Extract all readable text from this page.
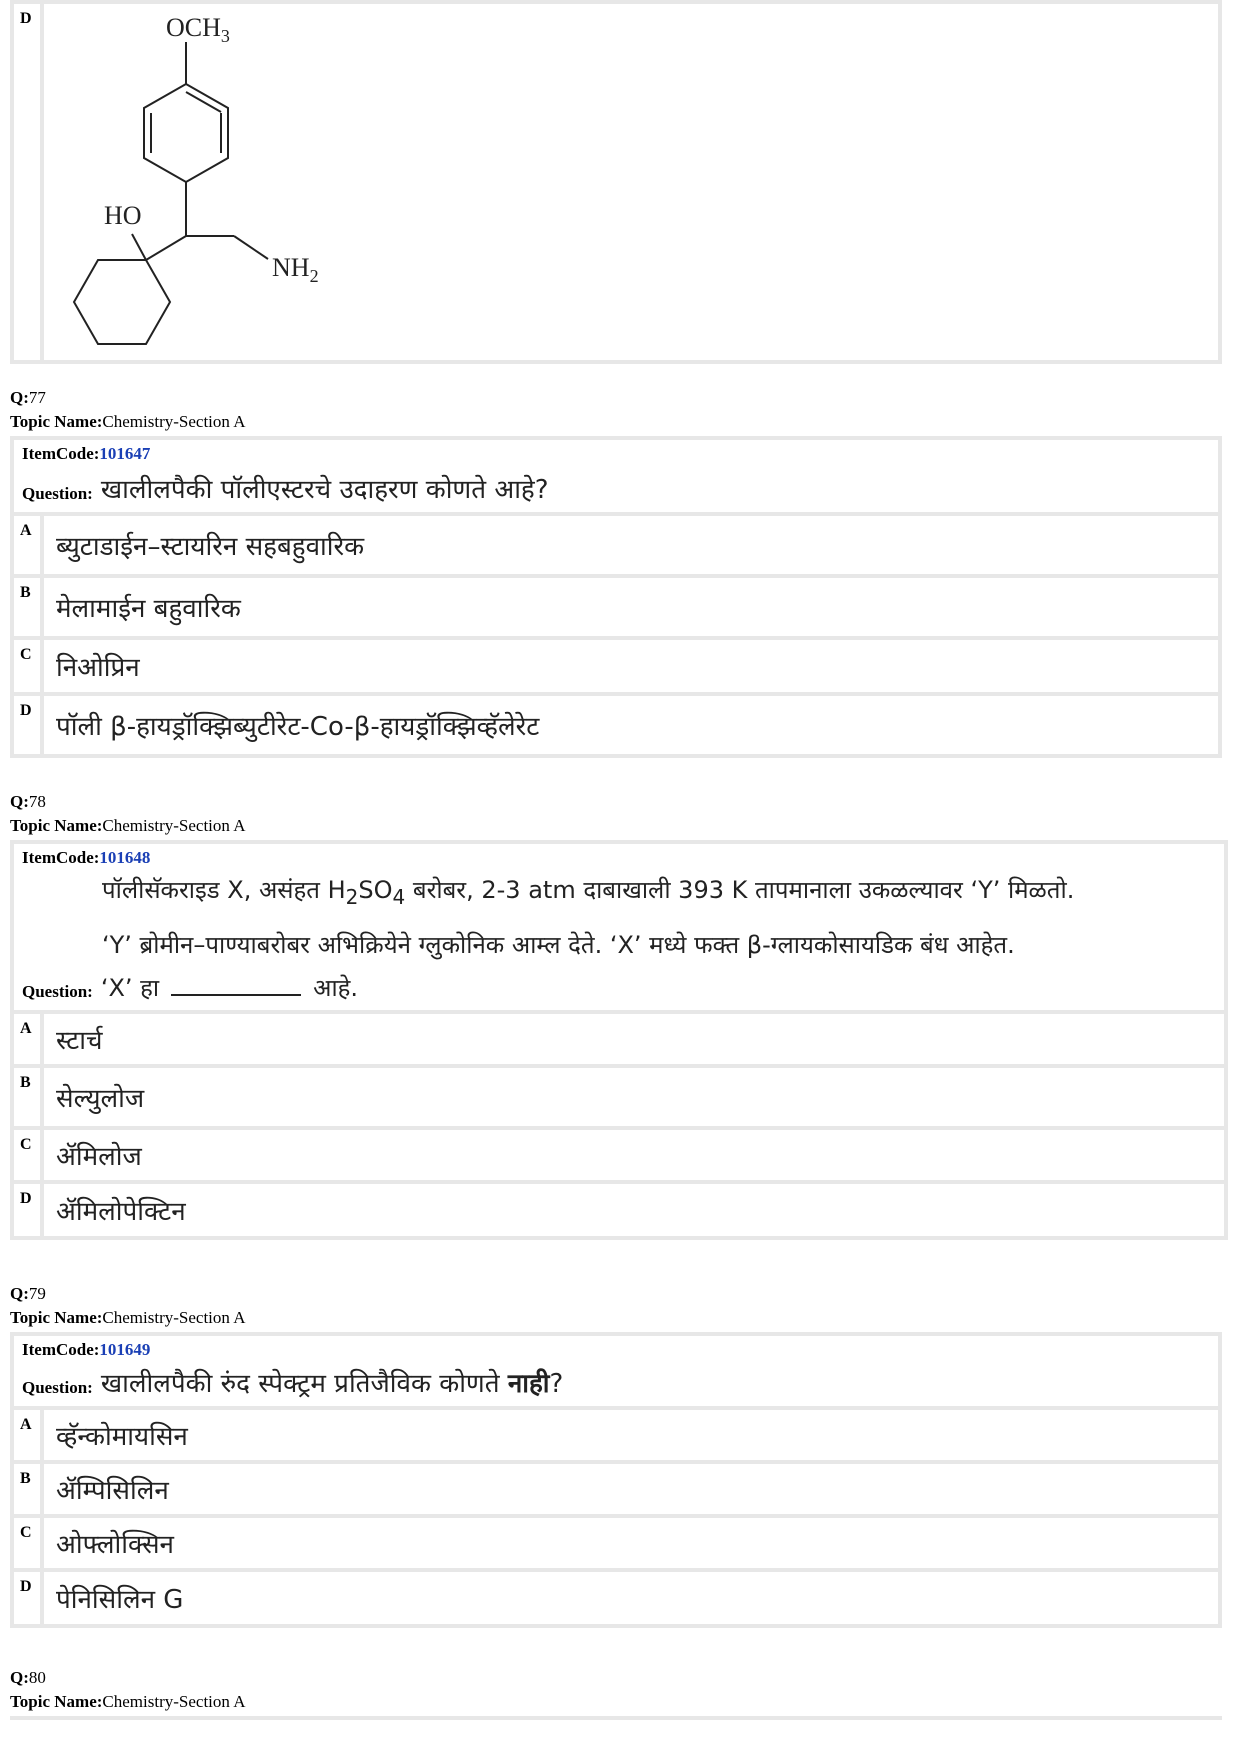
D	$OCH_3$
HO
$NH_2$
Q:77
Topic Name:Chemistry-Section A
ItemCode:101647
Question: खालीलपैकी पॉलीएस्टरचे उदाहरण कोणते आहे?
A
ब्युटाडाईन–स्टायरिन सहबहुवारिक
B
मेलामाईन बहुवारिक
C निओप्रिन
D
पॉली β-हायड्रॉक्झिब्युटीरेट-Co-β-हायड्रॉक्झिव्हॅलेरेट
Q:78
Topic Name:Chemistry-Section A
ItemCode:101648
पॉलीसॅकराइड X, असंहत $H_2SO_4$ बरोबर, 2-3 atm दाबाखाली 393 K तापमानाला उकळल्यावर ‘Y’ मिळतो.
‘Y’ ब्रोमीन–पाण्याबरोबर अभिक्रियेने ग्लुकोनिक आम्ल देते. ‘X’ मध्ये फक्त β-ग्लायकोसायडिक बंध आहेत.
Question: ‘X’ हा	आहे.
A स्टार्च
B
सेल्युलोज
C ॲमिलोज
D ॲमिलोपेक्टिन
Q:79
Topic Name:Chemistry-Section A
ItemCode:101649
Question: खालीलपैकी रुंद स्पेक्ट्रम प्रतिजैविक कोणते नाही?
A व्हॅन्कोमायसिन
B ॲम्पिसिलिन
C ओफ्लोक्सिन
D पेनिसिलिन G
Q:80
Topic Name:Chemistry-Section A
